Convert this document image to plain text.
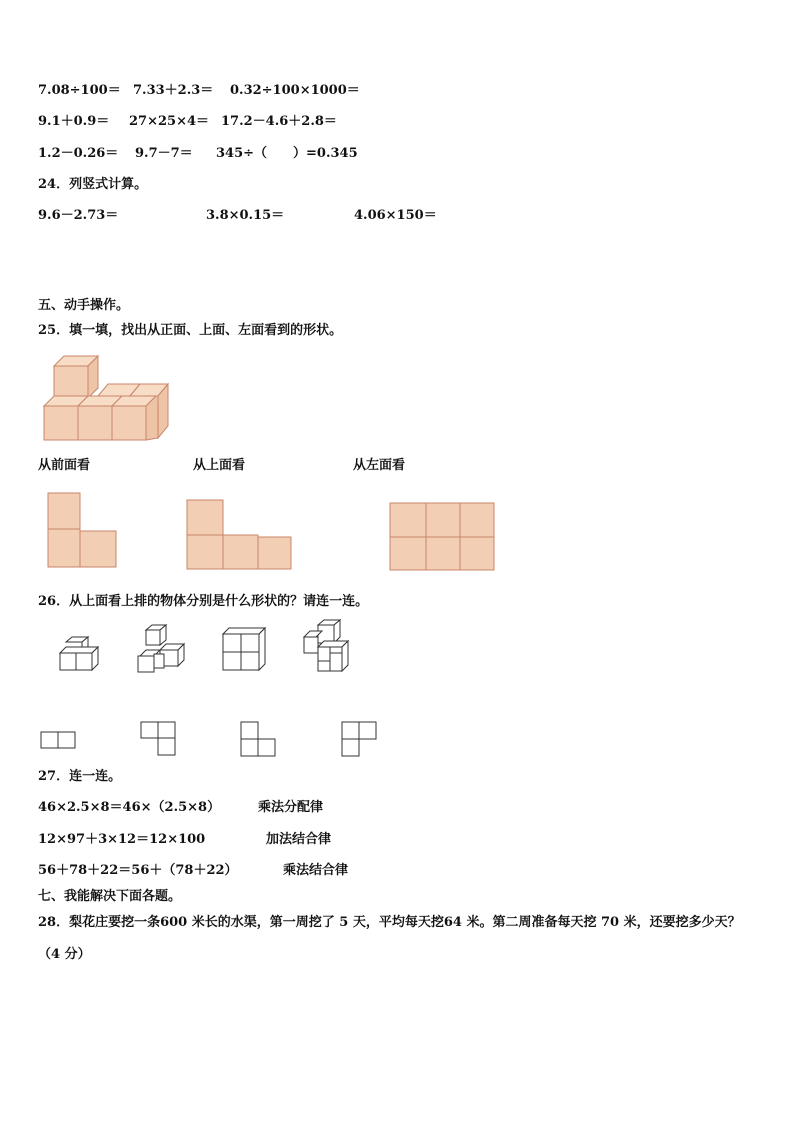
7.08÷100＝ 7.33＋2.3＝ 0.32÷100×1000＝
9.1＋0.9＝ 27×25×4＝ 17.2－4.6＋2.8＝
1.2－0.26＝ 9.7－7＝ 345÷（　　）=0.345
24．列竖式计算。
9.6－2.73＝	3.8×0.15＝	4.06×150＝
五、动手操作。
25．填一填，找出从正面、上面、左面看到的形状。
从前面看	从上面看	从左面看
26．从上面看上排的物体分别是什么形状的？请连一连。
27．连一连。
46×2.5×8＝46×（2.5×8）	乘法分配律
12×97＋3×12＝12×100	加法结合律
56＋78＋22＝56＋（78＋22）	乘法结合律
七、我能解决下面各题。
28．梨花庄要挖一条600 米长的水渠，第一周挖了 5 天，平均每天挖64 米。第二周准备每天挖 70 米，还要挖多少天？
（4 分）
